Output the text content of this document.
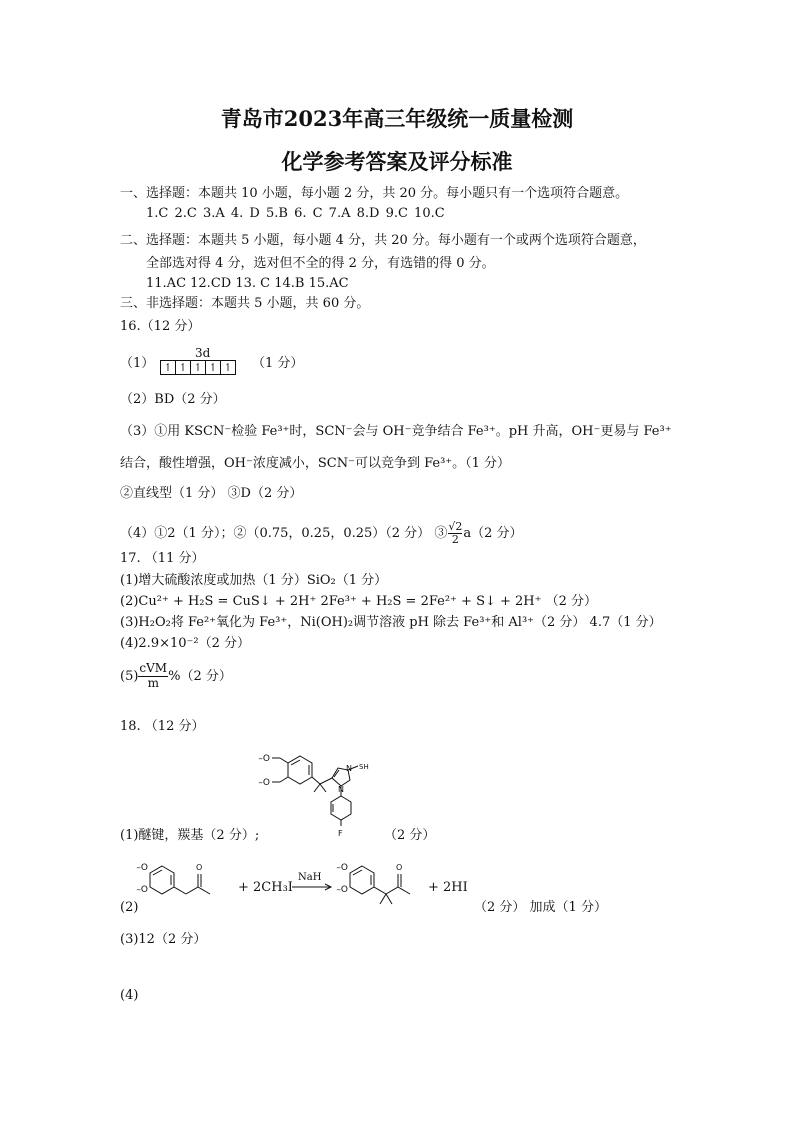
青岛市2023年高三年级统一质量检测
化学参考答案及评分标准
一、选择题：本题共 10 小题，每小题 2 分，共 20 分。每小题只有一个选项符合题意。
1.C 2.C 3.A 4. D 5.B 6. C 7.A 8.D 9.C 10.C
二、选择题：本题共 5 小题，每小题 4 分，共 20 分。每小题有一个或两个选项符合题意，
全部选对得 4 分，选对但不全的得 2 分，有选错的得 0 分。
11.AC 12.CD 13. C 14.B 15.AC
三、非选择题：本题共 5 小题，共 60 分。
16.（12 分）
（1）
3d
↿ ↿ ↿ ↿ ↿ （1 分）
（2）BD（2 分）
（3）①用 KSCN⁻检验 Fe³⁺时，SCN⁻会与 OH⁻竞争结合 Fe³⁺。pH 升高，OH⁻更易与 Fe³⁺
结合，酸性增强，OH⁻浓度减小，SCN⁻可以竞争到 Fe³⁺。（1 分）
②直线型（1 分） ③D（2 分）
（4）①2（1 分）；②（0.75，0.25，0.25）（2 分） ③ $\frac{√2}{2} a(2$ 分）
17. （11 分）
(1)增大硫酸浓度或加热（1 分）SiO₂（1 分）
(2)Cu²⁺ + H₂S = CuS↓ + 2H⁺ 2Fe³⁺ + H₂S = 2Fe²⁺ + S↓ + 2H⁺ （2 分）
(3)H₂O₂将 Fe²⁺氧化为 Fe³⁺，Ni(OH)₂调节溶液 pH 除去 Fe³⁺和 Al³⁺（2 分） 4.7（1 分）
(4)2.9×10⁻²（2 分）
(5)
cVM
m %（2 分）
18. （12 分）
–O
–O
N SH
N
F
(1)醚键，羰基（2 分）;	（2 分）
–O
–O
O
(2)
+ 2CH₃I
NaH
–O
–O
O
+ 2HI
（2 分） 加成（1 分）
(3)12（2 分）
(4)
